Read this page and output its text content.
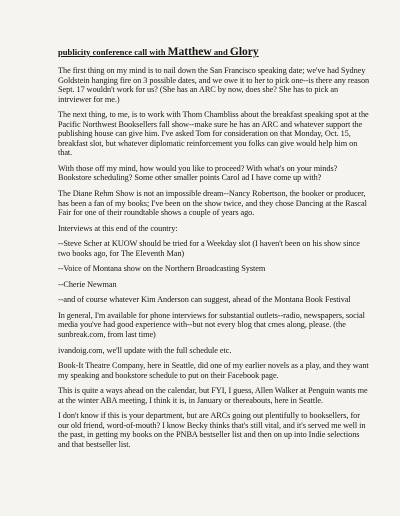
publicity conference call with Matthew and Glory

The first thing on my mind is to nail down the San Francisco speaking date; we've had Sydney Goldstein hanging fire on 3 possible dates, and we owe it to her to pick one--is there any reason Sept. 17 wouldn't work for us? (She has an ARC by now, does she? She has to pick an intrviewer for me.)

The next thing, to me, is to work with Thom Chambliss about the breakfast speaking spot at the Pacific Northwest Booksellers fall show--make sure he has an ARC and whatever support the publishing house can give him. I've asked Tom for consideration on that Monday, Oct. 15, breakfast slot, but whatever diplomatic reinforcement you folks can give would help him on that.

With those off my mind, how would you like to proceed? With what's on your minds? Bookstore scheduling? Some other smaller points Carol ad I have come up with?

The Diane Rehm Show is not an impossible dream--Nancy Robertson, the booker or producer, has been a fan of my books; I've been on the show twice, and they chose Dancing at the Rascal Fair for one of their roundtable shows a couple of years ago.

Interviews at this end of the country:

--Steve Scher at KUOW should be tried for a Weekday slot (I haven't been on his show since two books ago, for The Eleventh Man)

--Voice of Montana show on the Northern Broadcasting System

--Cherie Newman

--and of course whatever Kim Anderson can suggest, ahead of the Montana Book Festival

In general, I'm available for phone interviews for substantial outlets--radio, newspapers, social media you've had good experience with--but not every blog that cmes along, please. (the sunbreak.com, from last time)

ivandoig.com, we'll update with the full schedule etc.

Book-It Theatre Company, here in Seattle, did one of my earlier novels as a play, and they want my speaking and bookstore schedule to put on their Facebook page.

This is quite a ways ahead on the calendar, but FYI, I guess, Allen Walker at Penguin wants me at the winter ABA meeting, I think it is, in January or thereabouts, here in Seattle.

I don't know if this is your department, but are ARCs going out plentifully to booksellers, for our old friend, word-of-mouth? I know Becky thinks that's still vital, and it's served me well in the past, in getting my books on the PNBA bestseller list and then on up into Indie selections and that bestseller list.
